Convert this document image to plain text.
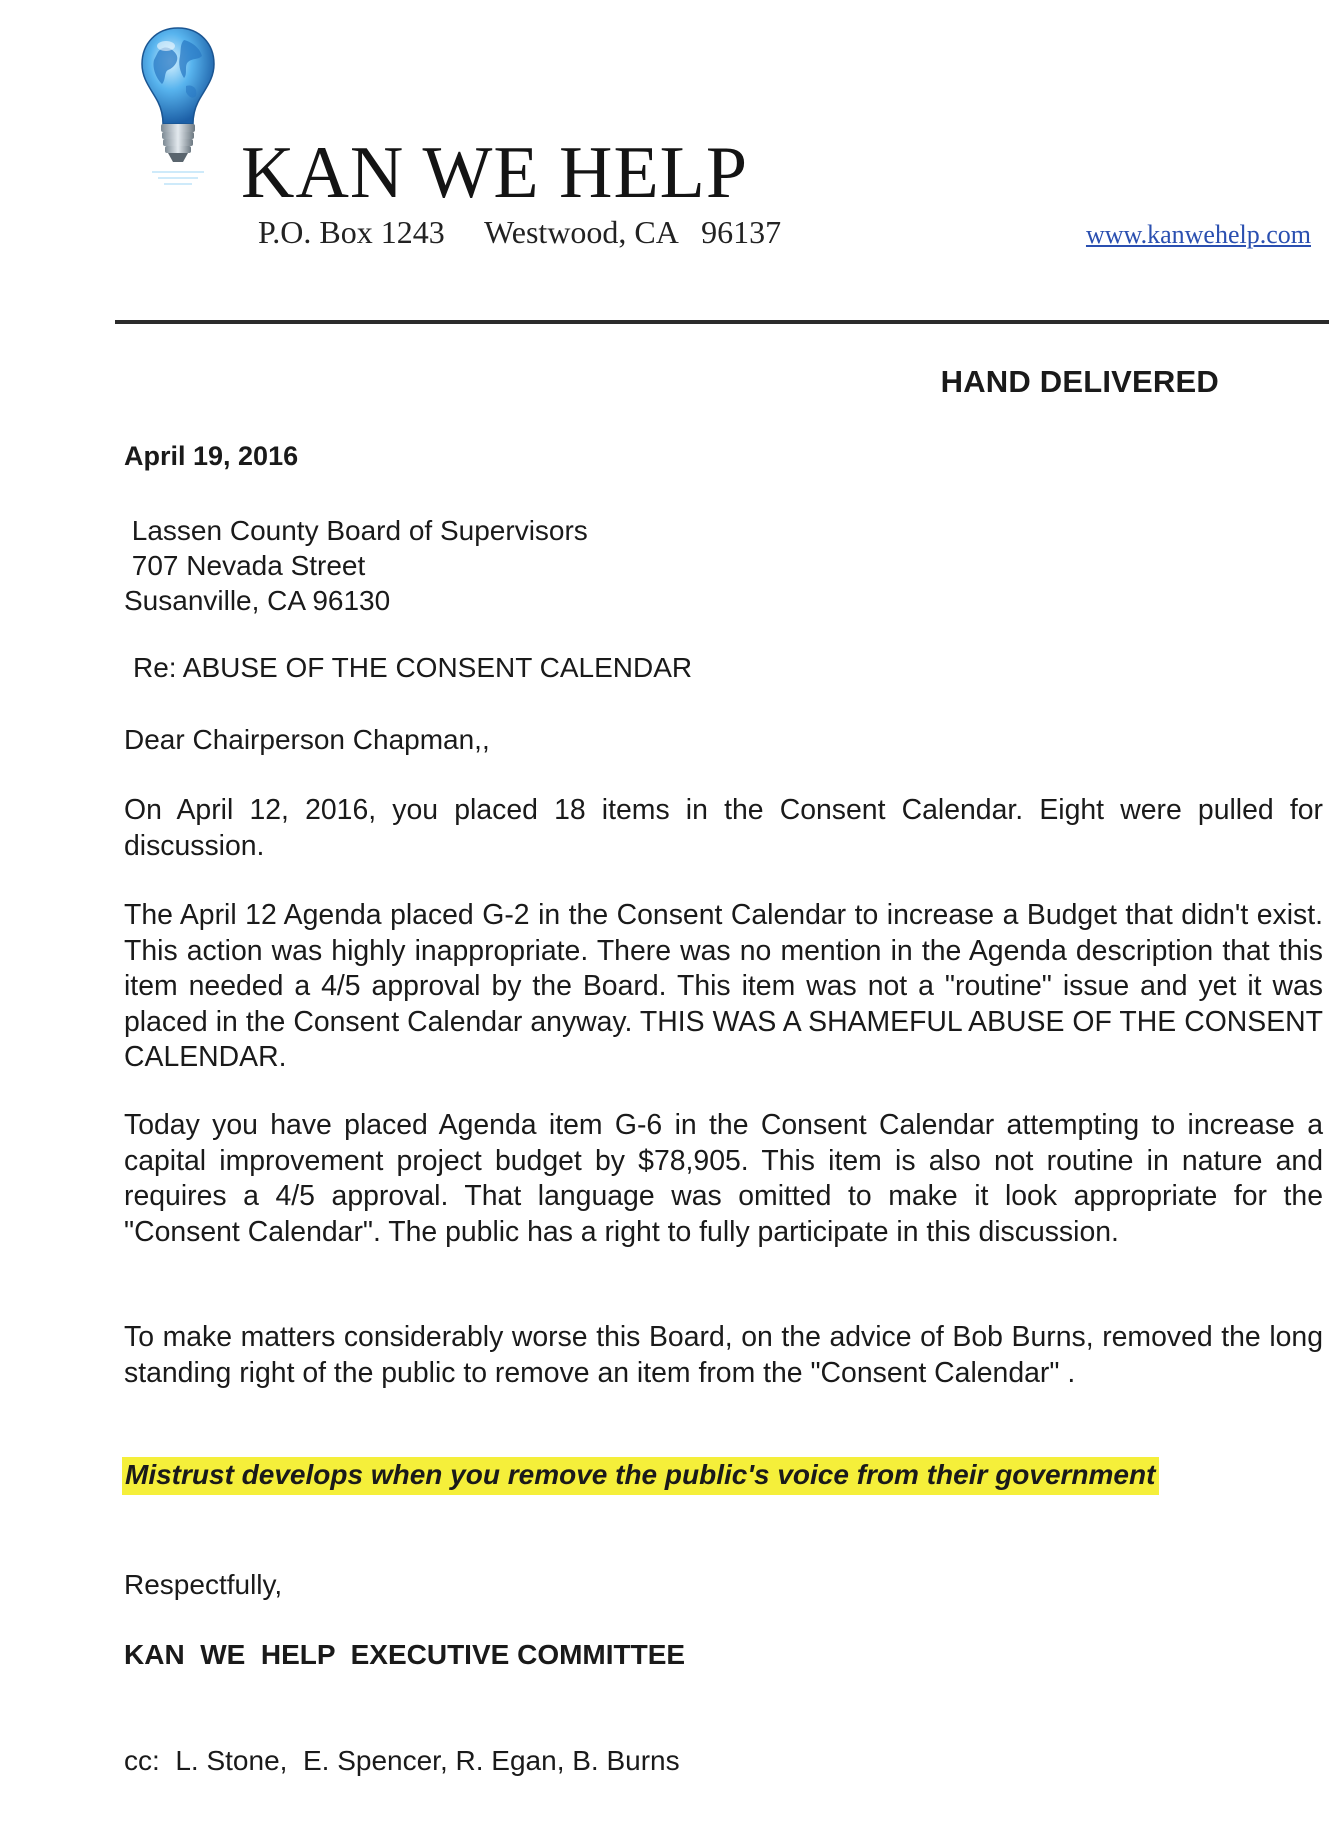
KAN WE HELP
P.O. Box 1243     Westwood, CA   96137	www.kanwehelp.com
HAND DELIVERED
April 19, 2016
Lassen County Board of Supervisors
707 Nevada Street
Susanville, CA 96130
Re: ABUSE OF THE CONSENT CALENDAR
Dear Chairperson Chapman,,

On April 12, 2016, you placed 18 items in the Consent Calendar. Eight were pulled for discussion.

The April 12 Agenda placed G-2 in the Consent Calendar to increase a Budget that didn't exist. This action was highly inappropriate. There was no mention in the Agenda description that this item needed a 4/5 approval by the Board. This item was not a "routine" issue and yet it was placed in the Consent Calendar anyway. THIS WAS A SHAMEFUL ABUSE OF THE CONSENT CALENDAR.

Today you have placed Agenda item G-6 in the Consent Calendar attempting to increase a capital improvement project budget by $78,905. This item is also not routine in nature and requires a 4/5 approval. That language was omitted to make it look appropriate for the "Consent Calendar". The public has a right to fully participate in this discussion.

To make matters considerably worse this Board, on the advice of Bob Burns, removed the long standing right of the public to remove an item from the "Consent Calendar" .

Mistrust develops when you remove the public's voice from their government
Respectfully,
KAN  WE  HELP  EXECUTIVE COMMITTEE
cc:  L. Stone,  E. Spencer, R. Egan, B. Burns
